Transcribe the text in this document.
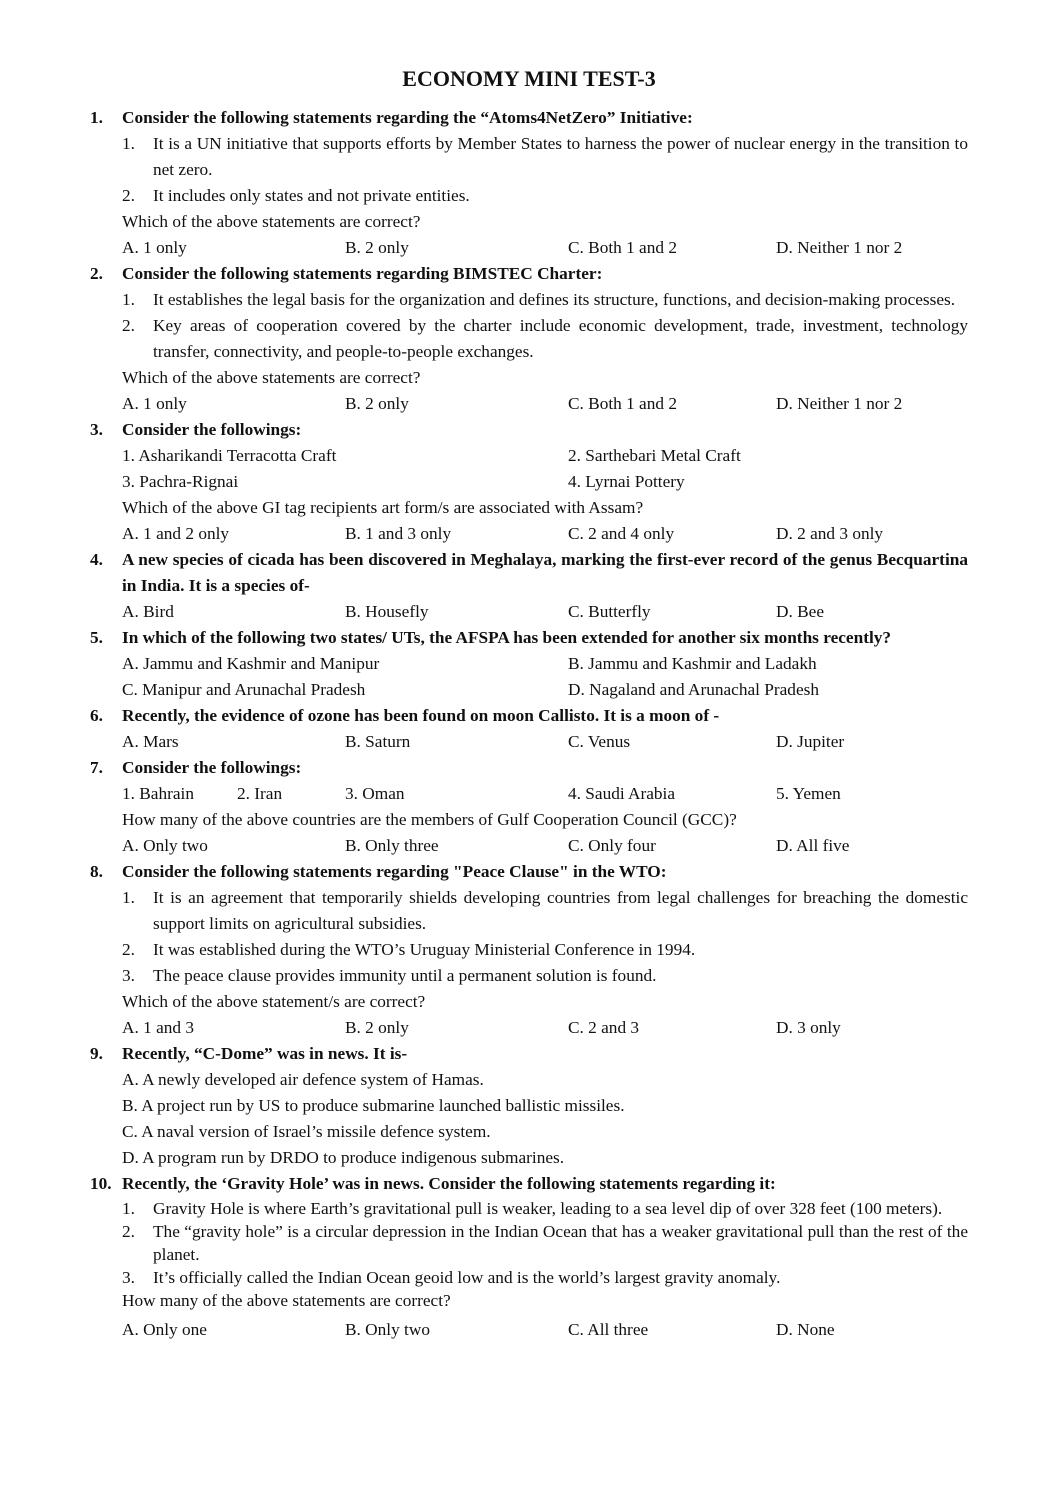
ECONOMY MINI TEST-3
1.	Consider the following statements regarding the “Atoms4NetZero” Initiative:
1.	It is a UN initiative that supports efforts by Member States to harness the power of nuclear energy in the transition to net zero.
2.	It includes only states and not private entities.
Which of the above statements are correct?
A. 1 only	B. 2 only	C. Both 1 and 2	D. Neither 1 nor 2
2.	Consider the following statements regarding BIMSTEC Charter:
1.	It establishes the legal basis for the organization and defines its structure, functions, and decision-making processes.
2.	Key areas of cooperation covered by the charter include economic development, trade, investment, technology transfer, connectivity, and people-to-people exchanges.
Which of the above statements are correct?
A. 1 only	B. 2 only	C. Both 1 and 2	D. Neither 1 nor 2
3.	Consider the followings:
1. Asharikandi Terracotta Craft	2. Sarthebari Metal Craft
3. Pachra-Rignai	4. Lyrnai Pottery
Which of the above GI tag recipients art form/s are associated with Assam?
A. 1 and 2 only	B. 1 and 3 only	C. 2 and 4 only	D. 2 and 3 only
4.	A new species of cicada has been discovered in Meghalaya, marking the first-ever record of the genus Becquartina in India. It is a species of-
A. Bird	B. Housefly	C. Butterfly	D. Bee
5.	In which of the following two states/ UTs, the AFSPA has been extended for another six months recently?
A. Jammu and Kashmir and Manipur	B. Jammu and Kashmir and Ladakh
C. Manipur and Arunachal Pradesh	D. Nagaland and Arunachal Pradesh
6.	Recently, the evidence of ozone has been found on moon Callisto. It is a moon of -
A. Mars	B. Saturn	C. Venus	D. Jupiter
7.	Consider the followings:
1. Bahrain 2. Iran	3. Oman	4. Saudi Arabia	5. Yemen
How many of the above countries are the members of Gulf Cooperation Council (GCC)?
A. Only two	B. Only three	C. Only four	D. All five
8.	Consider the following statements regarding "Peace Clause" in the WTO:
1.	It is an agreement that temporarily shields developing countries from legal challenges for breaching the domestic support limits on agricultural subsidies.
2.	It was established during the WTO’s Uruguay Ministerial Conference in 1994.
3.	The peace clause provides immunity until a permanent solution is found.
Which of the above statement/s are correct?
A. 1 and 3	B. 2 only	C. 2 and 3	D. 3 only
9.	Recently, “C-Dome” was in news. It is-
A. A newly developed air defence system of Hamas.
B. A project run by US to produce submarine launched ballistic missiles.
C. A naval version of Israel’s missile defence system.
D. A program run by DRDO to produce indigenous submarines.
10. Recently, the ‘Gravity Hole’ was in news. Consider the following statements regarding it:
1.	Gravity Hole is where Earth’s gravitational pull is weaker, leading to a sea level dip of over 328 feet (100 meters).
2.	The “gravity hole” is a circular depression in the Indian Ocean that has a weaker gravitational pull than the rest of the planet.
3.	It’s officially called the Indian Ocean geoid low and is the world’s largest gravity anomaly.
How many of the above statements are correct?
A. Only one	B. Only two	C. All three	D. None
